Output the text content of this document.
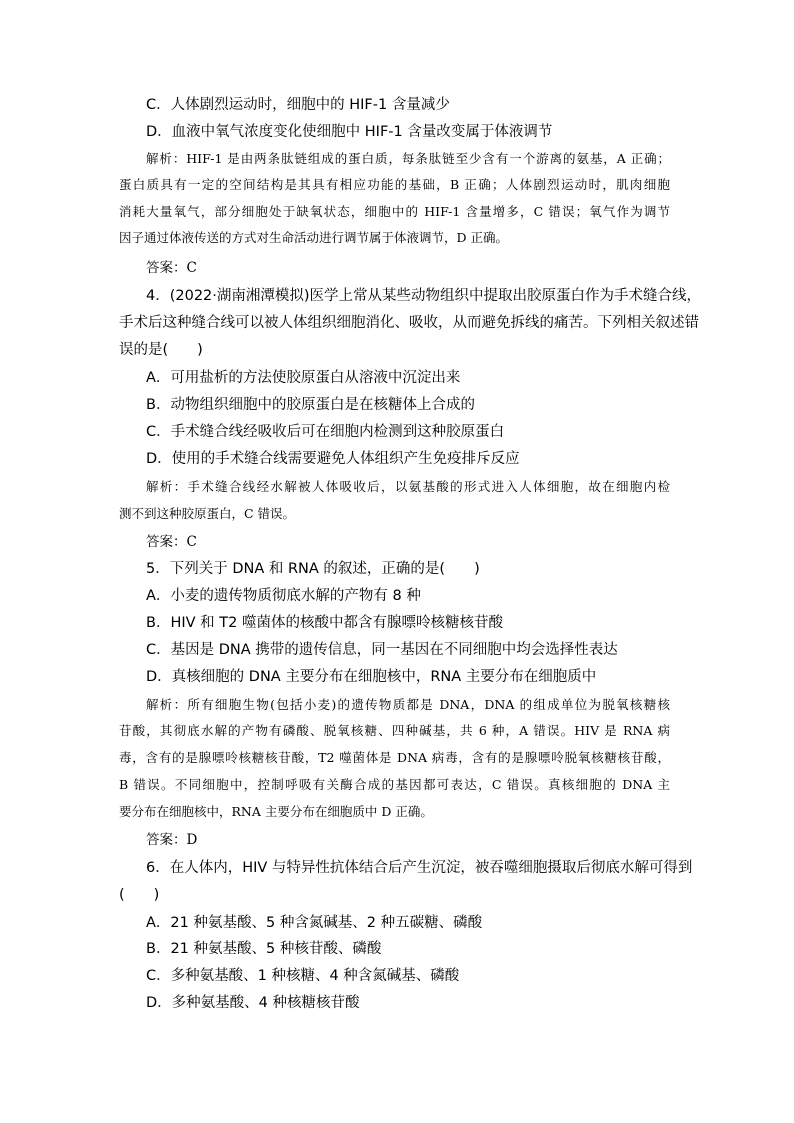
C．人体剧烈运动时，细胞中的 HIF-1 含量减少
D．血液中氧气浓度变化使细胞中 HIF-1 含量改变属于体液调节
解析：HIF-1 是由两条肽链组成的蛋白质，每条肽链至少含有一个游离的氨基，A 正确；
蛋白质具有一定的空间结构是其具有相应功能的基础，B 正确；人体剧烈运动时，肌肉细胞
消耗大量氧气，部分细胞处于缺氧状态，细胞中的 HIF-1 含量增多，C 错误；氧气作为调节
因子通过体液传送的方式对生命活动进行调节属于体液调节，D 正确。
答案：C
4．(2022·湖南湘潭模拟)医学上常从某些动物组织中提取出胶原蛋白作为手术缝合线，
手术后这种缝合线可以被人体组织细胞消化、吸收，从而避免拆线的痛苦。下列相关叙述错
误的是(　　)
A．可用盐析的方法使胶原蛋白从溶液中沉淀出来
B．动物组织细胞中的胶原蛋白是在核糖体上合成的
C．手术缝合线经吸收后可在细胞内检测到这种胶原蛋白
D．使用的手术缝合线需要避免人体组织产生免疫排斥反应
解析：手术缝合线经水解被人体吸收后，以氨基酸的形式进入人体细胞，故在细胞内检
测不到这种胶原蛋白，C 错误。
答案：C
5．下列关于 DNA 和 RNA 的叙述，正确的是(　　)
A．小麦的遗传物质彻底水解的产物有 8 种
B．HIV 和 T2 噬菌体的核酸中都含有腺嘌呤核糖核苷酸
C．基因是 DNA 携带的遗传信息，同一基因在不同细胞中均会选择性表达
D．真核细胞的 DNA 主要分布在细胞核中，RNA 主要分布在细胞质中
解析：所有细胞生物(包括小麦)的遗传物质都是 DNA，DNA 的组成单位为脱氧核糖核
苷酸，其彻底水解的产物有磷酸、脱氧核糖、四种碱基，共 6 种，A 错误。HIV 是 RNA 病
毒，含有的是腺嘌呤核糖核苷酸，T2 噬菌体是 DNA 病毒，含有的是腺嘌呤脱氧核糖核苷酸，
B 错误。不同细胞中，控制呼吸有关酶合成的基因都可表达，C 错误。真核细胞的 DNA 主
要分布在细胞核中，RNA 主要分布在细胞质中 D 正确。
答案：D
6．在人体内，HIV 与特异性抗体结合后产生沉淀，被吞噬细胞摄取后彻底水解可得到
(　　)
A．21 种氨基酸、5 种含氮碱基、2 种五碳糖、磷酸
B．21 种氨基酸、5 种核苷酸、磷酸
C．多种氨基酸、1 种核糖、4 种含氮碱基、磷酸
D．多种氨基酸、4 种核糖核苷酸
